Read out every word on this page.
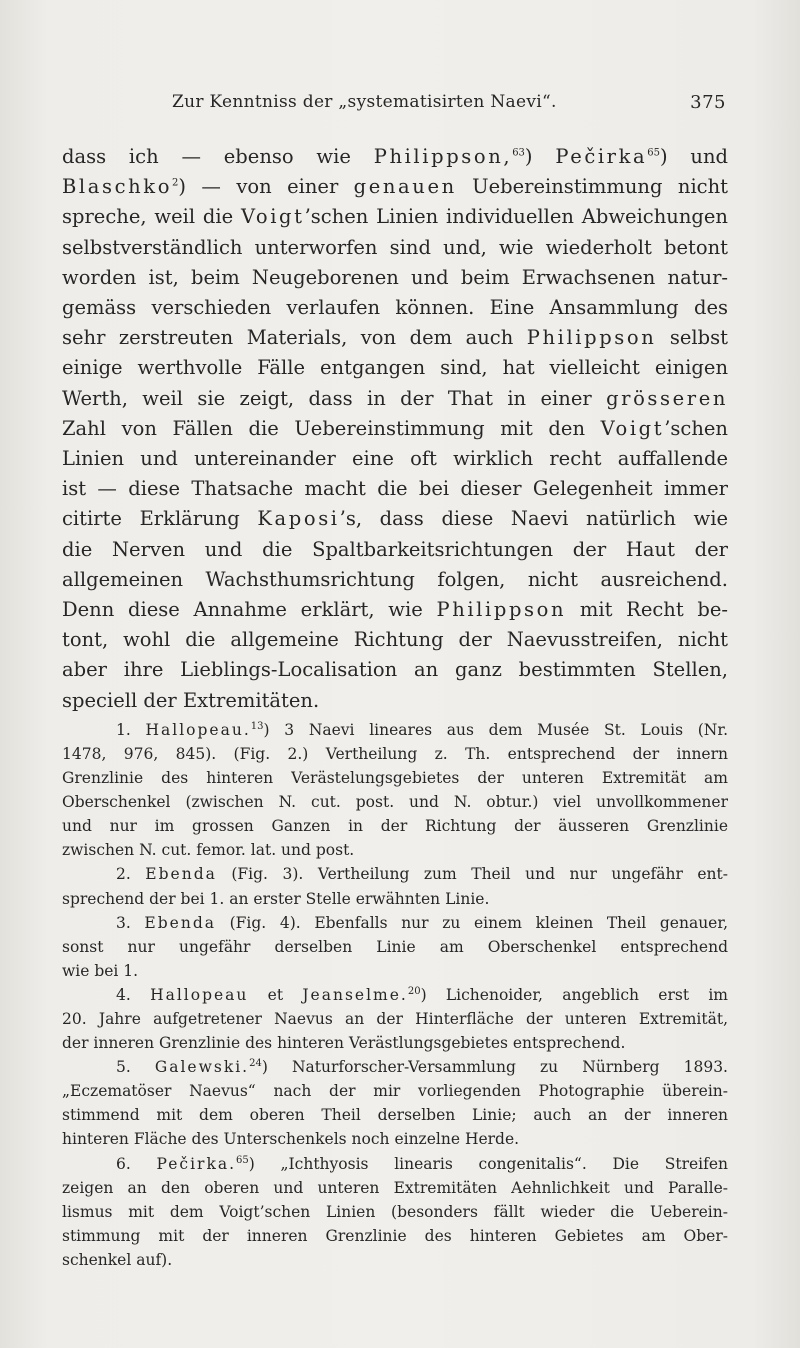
Zur Kenntniss der „systematisirten Naevi“.	375
dass ich — ebenso wie Philippson,$^{63}$) Pečirka$^{65}$) und
Blaschko$^2$) — von einer genauen Uebereinstimmung nicht
spreche, weil die Voigt’schen Linien individuellen Abweichungen
selbstverständlich unterworfen sind und, wie wiederholt betont
worden ist, beim Neugeborenen und beim Erwachsenen natur-
gemäss verschieden verlaufen können. Eine Ansammlung des
sehr zerstreuten Materials, von dem auch Philippson selbst
einige werthvolle Fälle entgangen sind, hat vielleicht einigen
Werth, weil sie zeigt, dass in der That in einer grösseren
Zahl von Fällen die Uebereinstimmung mit den Voigt’schen
Linien und untereinander eine oft wirklich recht auffallende
ist — diese Thatsache macht die bei dieser Gelegenheit immer
citirte Erklärung Kaposi’s, dass diese Naevi natürlich wie
die Nerven und die Spaltbarkeitsrichtungen der Haut der
allgemeinen Wachsthumsrichtung folgen, nicht ausreichend.
Denn diese Annahme erklärt, wie Philippson mit Recht be-
tont, wohl die allgemeine Richtung der Naevusstreifen, nicht
aber ihre Lieblings-Localisation an ganz bestimmten Stellen,
speciell der Extremitäten.
1. Hallopeau.$^{13}$) 3 Naevi lineares aus dem Musée St. Louis (Nr.
1478, 976, 845). (Fig. 2.) Vertheilung z. Th. entsprechend der innern
Grenzlinie des hinteren Verästelungsgebietes der unteren Extremität am
Oberschenkel (zwischen N. cut. post. und N. obtur.) viel unvollkommener
und nur im grossen Ganzen in der Richtung der äusseren Grenzlinie
zwischen N. cut. femor. lat. und post.
2. Ebenda (Fig. 3). Vertheilung zum Theil und nur ungefähr ent-
sprechend der bei 1. an erster Stelle erwähnten Linie.
3. Ebenda (Fig. 4). Ebenfalls nur zu einem kleinen Theil genauer,
sonst nur ungefähr derselben Linie am Oberschenkel entsprechend
wie bei 1.
4. Hallopeau et Jeanselme.$^{20}$) Lichenoider, angeblich erst im
20. Jahre aufgetretener Naevus an der Hinterfläche der unteren Extremität,
der inneren Grenzlinie des hinteren Verästlungsgebietes entsprechend.
5. Galewski.$^{24}$) Naturforscher-Versammlung zu Nürnberg 1893.
„Eczematöser Naevus“ nach der mir vorliegenden Photographie überein-
stimmend mit dem oberen Theil derselben Linie; auch an der inneren
hinteren Fläche des Unterschenkels noch einzelne Herde.
6. Pečirka.$^{65}$) „Ichthyosis linearis congenitalis“. Die Streifen
zeigen an den oberen und unteren Extremitäten Aehnlichkeit und Paralle-
lismus mit dem Voigt’schen Linien (besonders fällt wieder die Ueberein-
stimmung mit der inneren Grenzlinie des hinteren Gebietes am Ober-
schenkel auf).
